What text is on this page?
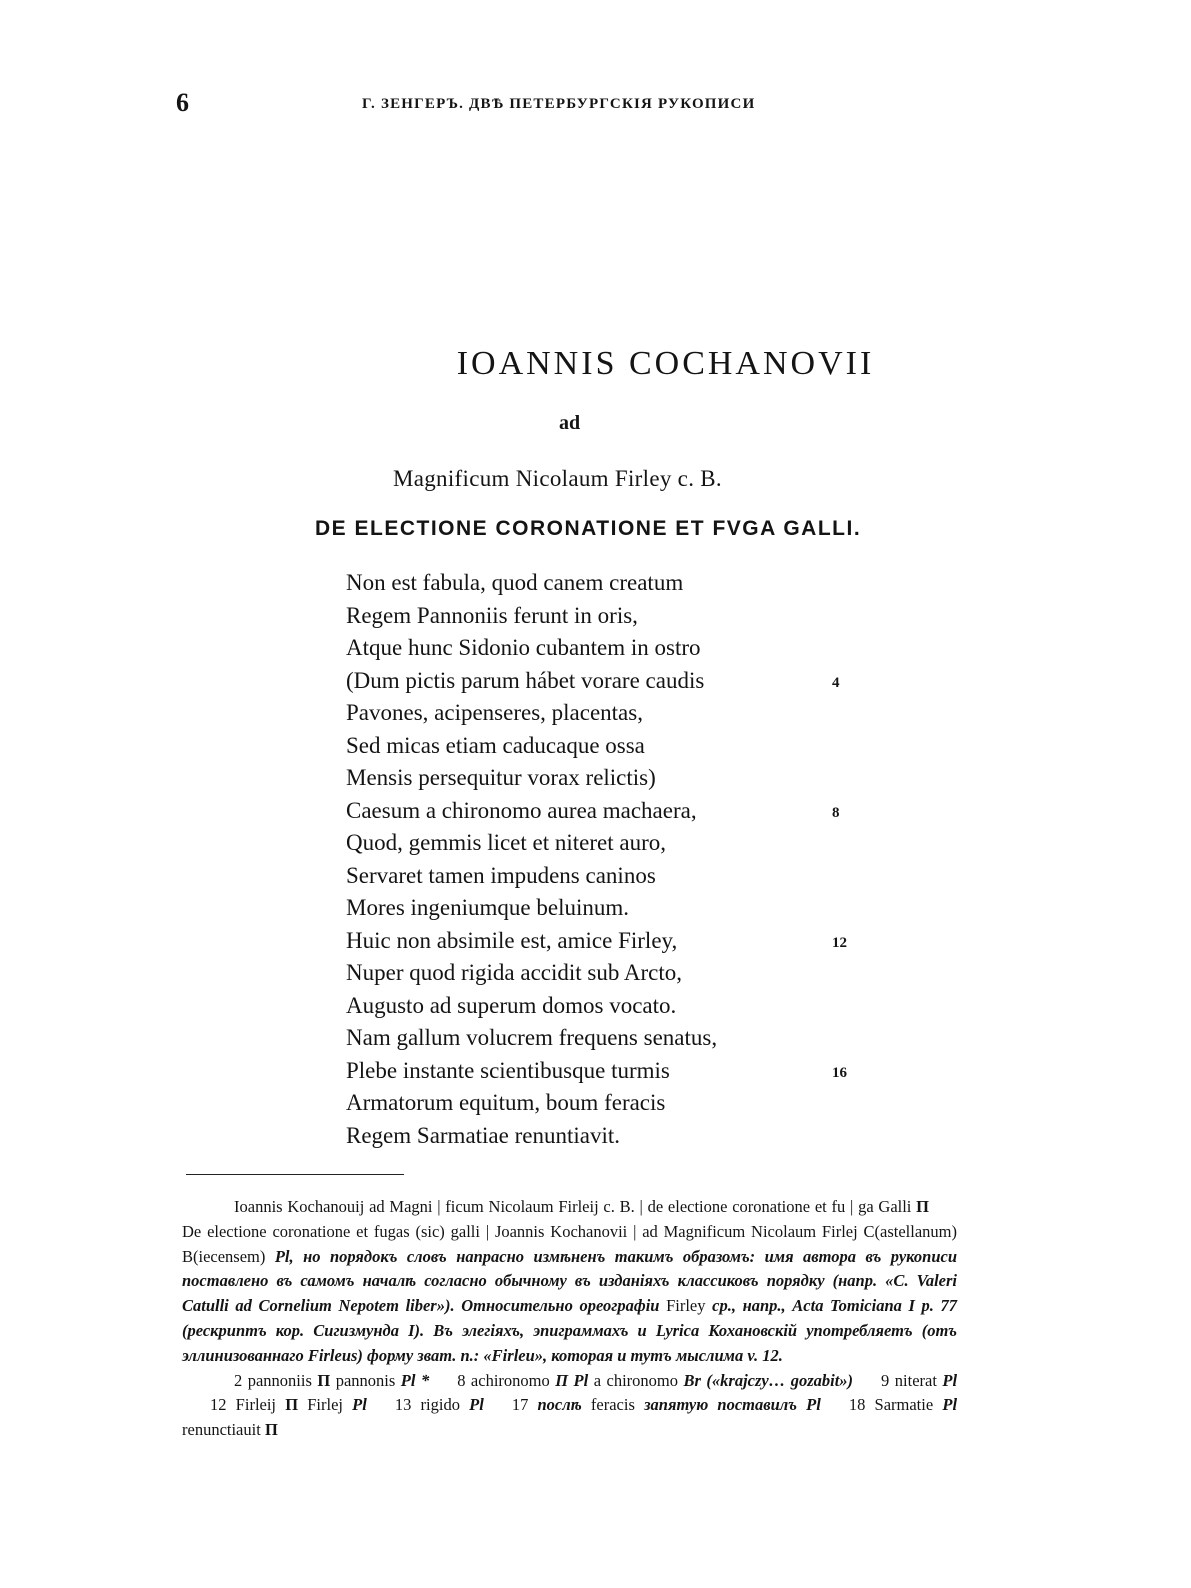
6	Г. ЗЕНГЕРЪ. ДВѢ ПЕТЕРБУРГСКІЯ РУКОПИСИ
IOANNIS COCHANOVII
ad
Magnificum Nicolaum Firley c. B.
DE ELECTIONE CORONATIONE ET FVGA GALLI.
Non est fabula, quod canem creatum
Regem Pannoniis ferunt in oris,
Atque hunc Sidonio cubantem in ostro
(Dum pictis parum hábet vorare caudis	4
Pavones, acipenseres, placentas,
Sed micas etiam caducaque ossa
Mensis persequitur vorax relictis)
Caesum a chironomo aurea machaera,	8
Quod, gemmis licet et niteret auro,
Servaret tamen impudens caninos
Mores ingeniumque beluinum.
Huic non absimile est, amice Firley,	12
Nuper quod rigida accidit sub Arcto,
Augusto ad superum domos vocato.
Nam gallum volucrem frequens senatus,
Plebe instante scientibusque turmis	16
Armatorum equitum, boum feracis
Regem Sarmatiae renuntiavit.

Ioannis Kochanouij ad Magni | ficum Nicolaum Firleij c. B. | de electione coronatione et fu | ga Galli ПDe electione coronatione et fugas (sic) galli | Joannis Kochanovii | ad Magnificum Nicolaum Firlej C(astellanum) B(iecensem) Pl, но порядокъ словъ напрасно измѣненъ такимъ образомъ: имя автора въ рукописи поставлено въ самомъ началѣ согласно обычному въ изданіяхъ классиковъ порядку (напр. «C. Valeri Catulli ad Cornelium Nepotem liber»). Относительно ореографіи Firley ср., напр., Acta Tomiciana I p. 77 (рескриптъ кор. Сигизмунда I). Въ элегіяхъ, эпиграммахъ и Lyrica Кохановскій употребляетъ (отъ эллинизованнаго Firleus) форму зват. п.: «Firleu», которая и тутъ мыслима v. 12.

2 pannoniis П pannonis Pl * 8 achironomo П Pl a chironomo Br («krajczy… gozabit») 9 niterat Pl12 Firleij П Firlej Pl 13 rigido Pl 17 послѣ feracis запятую поставилъ Pl 18 Sarmatie Pl renunctiauit П
